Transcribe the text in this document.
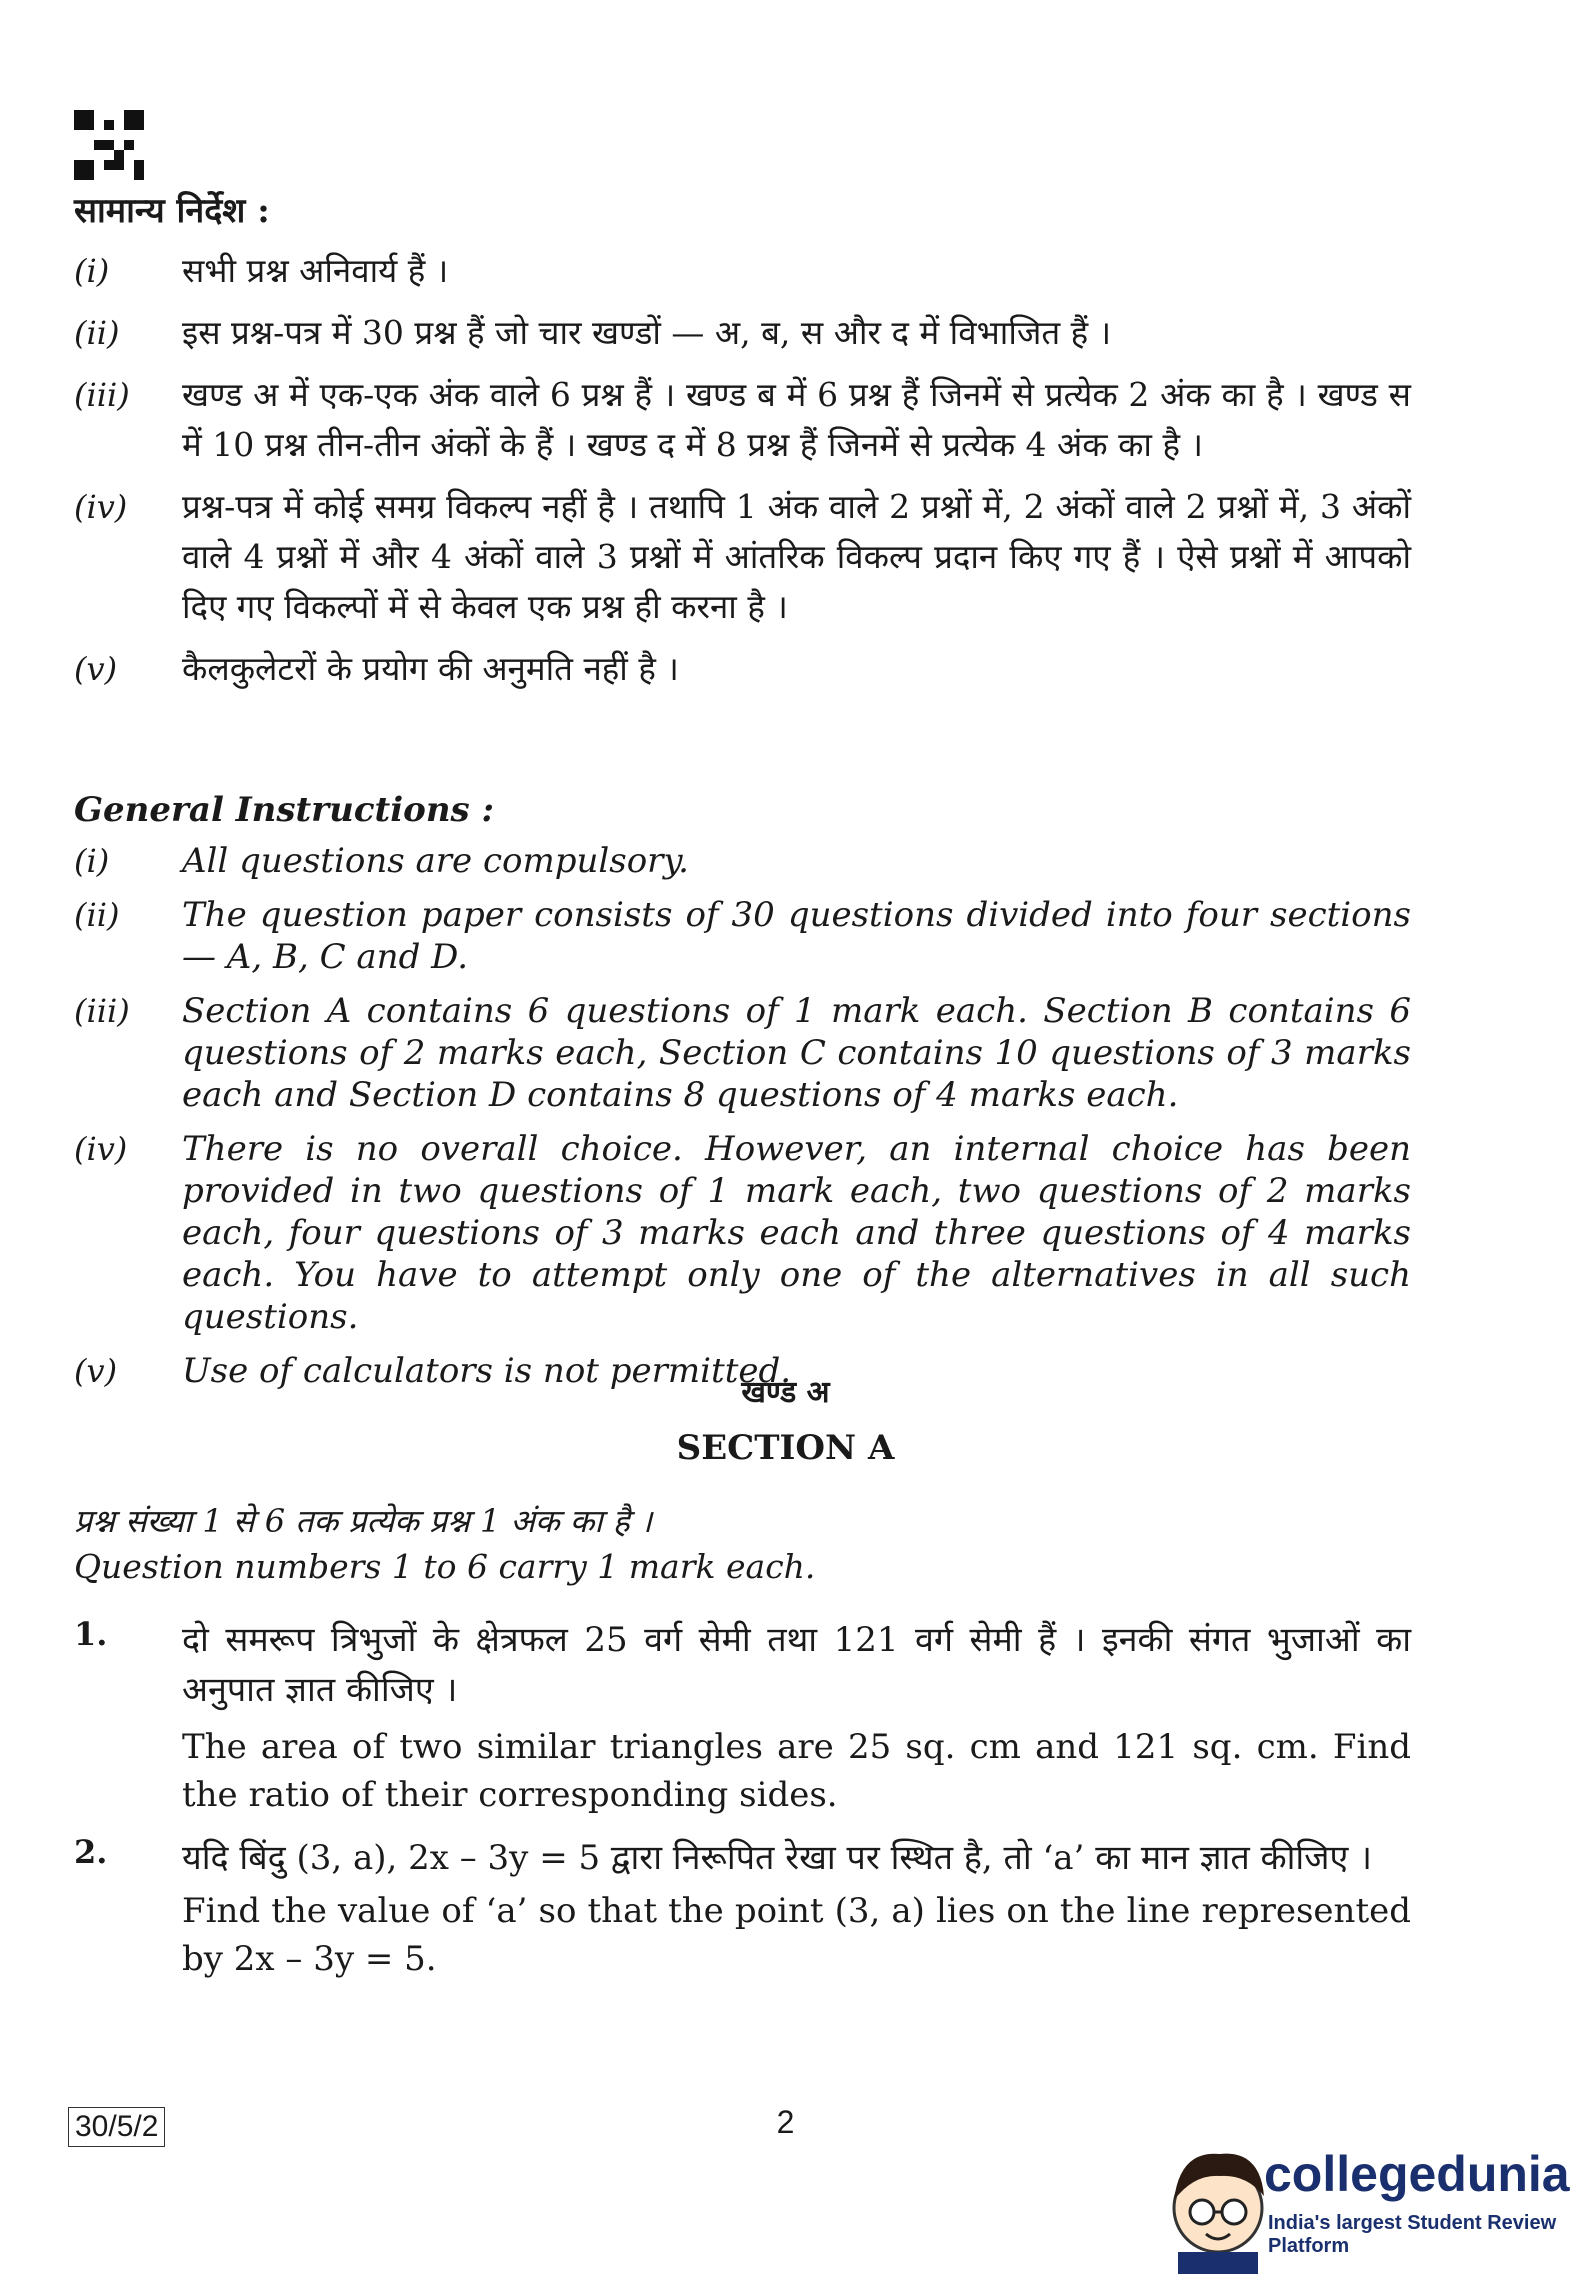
सामान्य निर्देश :

(i)	सभी प्रश्न अनिवार्य हैं ।
(ii)	इस प्रश्न-पत्र में 30 प्रश्न हैं जो चार खण्डों — अ, ब, स और द में विभाजित हैं ।
(iii)	खण्ड अ में एक-एक अंक वाले 6 प्रश्न हैं । खण्ड ब में 6 प्रश्न हैं जिनमें से प्रत्येक 2 अंक का है । खण्ड स में 10 प्रश्न तीन-तीन अंकों के हैं । खण्ड द में 8 प्रश्न हैं जिनमें से प्रत्येक 4 अंक का है ।
(iv)	प्रश्न-पत्र में कोई समग्र विकल्प नहीं है । तथापि 1 अंक वाले 2 प्रश्नों में, 2 अंकों वाले 2 प्रश्नों में, 3 अंकों वाले 4 प्रश्नों में और 4 अंकों वाले 3 प्रश्नों में आंतरिक विकल्प प्रदान किए गए हैं । ऐसे प्रश्नों में आपको दिए गए विकल्पों में से केवल एक प्रश्न ही करना है ।
(v)	कैलकुलेटरों के प्रयोग की अनुमति नहीं है ।

General Instructions :

(i)	All questions are compulsory.
(ii)	The question paper consists of 30 questions divided into four sections — A, B, C and D.
(iii)	Section A contains 6 questions of 1 mark each. Section B contains 6 questions of 2 marks each, Section C contains 10 questions of 3 marks each and Section D contains 8 questions of 4 marks each.
(iv)	There is no overall choice. However, an internal choice has been provided in two questions of 1 mark each, two questions of 2 marks each, four questions of 3 marks each and three questions of 4 marks each. You have to attempt only one of the alternatives in all such questions.
(v)	Use of calculators is not permitted.
खण्ड अ
SECTION A
प्रश्न संख्या 1 से 6 तक प्रत्येक प्रश्न 1 अंक का है ।
Question numbers 1 to 6 carry 1 mark each.
1.	दो समरूप त्रिभुजों के क्षेत्रफल 25 वर्ग सेमी तथा 121 वर्ग सेमी हैं । इनकी संगत भुजाओं का अनुपात ज्ञात कीजिए ।
The area of two similar triangles are 25 sq. cm and 121 sq. cm. Find the ratio of their corresponding sides.
2.	यदि बिंदु (3, a), 2x – 3y = 5 द्वारा निरूपित रेखा पर स्थित है, तो ‘a’ का मान ज्ञात कीजिए ।
Find the value of ‘a’ so that the point (3, a) lies on the line represented by 2x – 3y = 5.
30/5/2	2
collegedunia
India's largest Student Review Platform
